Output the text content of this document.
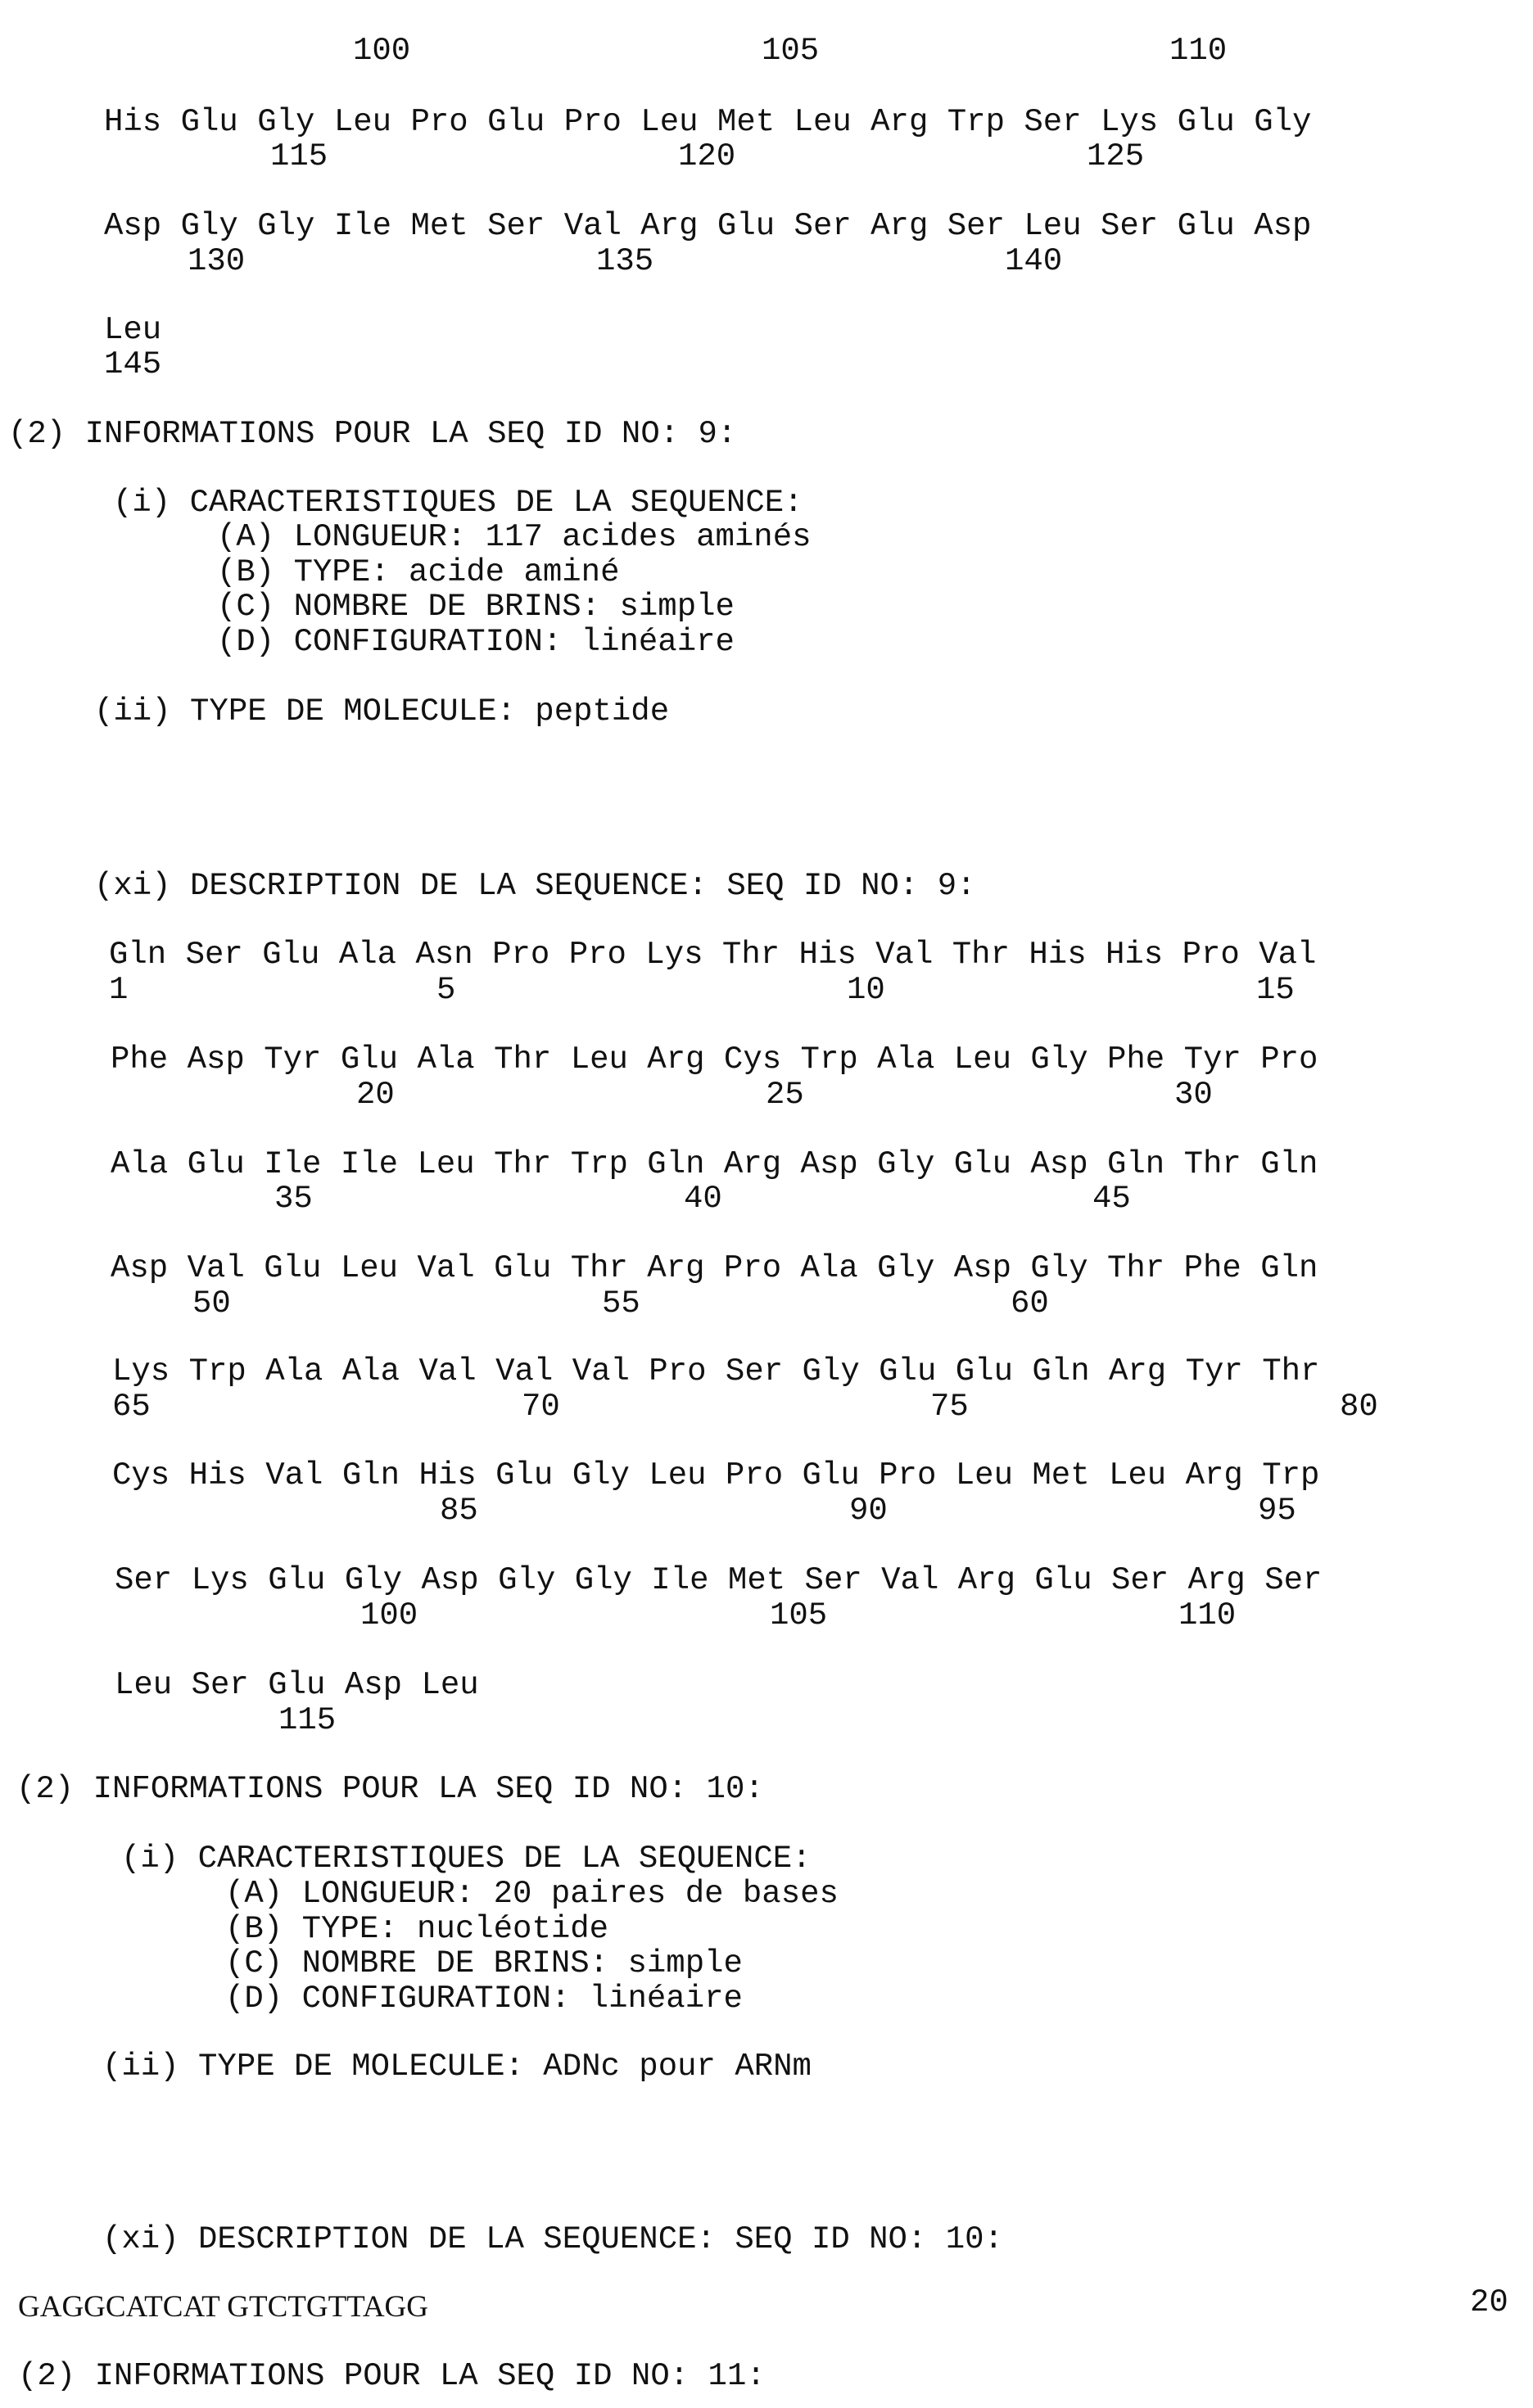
100	105	110
His Glu Gly Leu Pro Glu Pro Leu Met Leu Arg Trp Ser Lys Glu Gly
115	120	125
Asp Gly Gly Ile Met Ser Val Arg Glu Ser Arg Ser Leu Ser Glu Asp
130	135	140
Leu
145
(2) INFORMATIONS POUR LA SEQ ID NO: 9:
(i) CARACTERISTIQUES DE LA SEQUENCE:
(A) LONGUEUR: 117 acides aminés
(B) TYPE: acide aminé
(C) NOMBRE DE BRINS: simple
(D) CONFIGURATION: linéaire
(ii) TYPE DE MOLECULE: peptide
(xi) DESCRIPTION DE LA SEQUENCE: SEQ ID NO: 9:
Gln Ser Glu Ala Asn Pro Pro Lys Thr His Val Thr His His Pro Val
1	5	10	15
Phe Asp Tyr Glu Ala Thr Leu Arg Cys Trp Ala Leu Gly Phe Tyr Pro
20	25	30
Ala Glu Ile Ile Leu Thr Trp Gln Arg Asp Gly Glu Asp Gln Thr Gln
35	40	45
Asp Val Glu Leu Val Glu Thr Arg Pro Ala Gly Asp Gly Thr Phe Gln
50	55	60
Lys Trp Ala Ala Val Val Val Pro Ser Gly Glu Glu Gln Arg Tyr Thr
65	70	75	80
Cys His Val Gln His Glu Gly Leu Pro Glu Pro Leu Met Leu Arg Trp
85	90	95
Ser Lys Glu Gly Asp Gly Gly Ile Met Ser Val Arg Glu Ser Arg Ser
100	105	110
Leu Ser Glu Asp Leu
115
(2) INFORMATIONS POUR LA SEQ ID NO: 10:
(i) CARACTERISTIQUES DE LA SEQUENCE:
(A) LONGUEUR: 20 paires de bases
(B) TYPE: nucléotide
(C) NOMBRE DE BRINS: simple
(D) CONFIGURATION: linéaire
(ii) TYPE DE MOLECULE: ADNc pour ARNm
(xi) DESCRIPTION DE LA SEQUENCE: SEQ ID NO: 10:
GAGGCATCAT GTCTGTTAGG	20
(2) INFORMATIONS POUR LA SEQ ID NO: 11:
